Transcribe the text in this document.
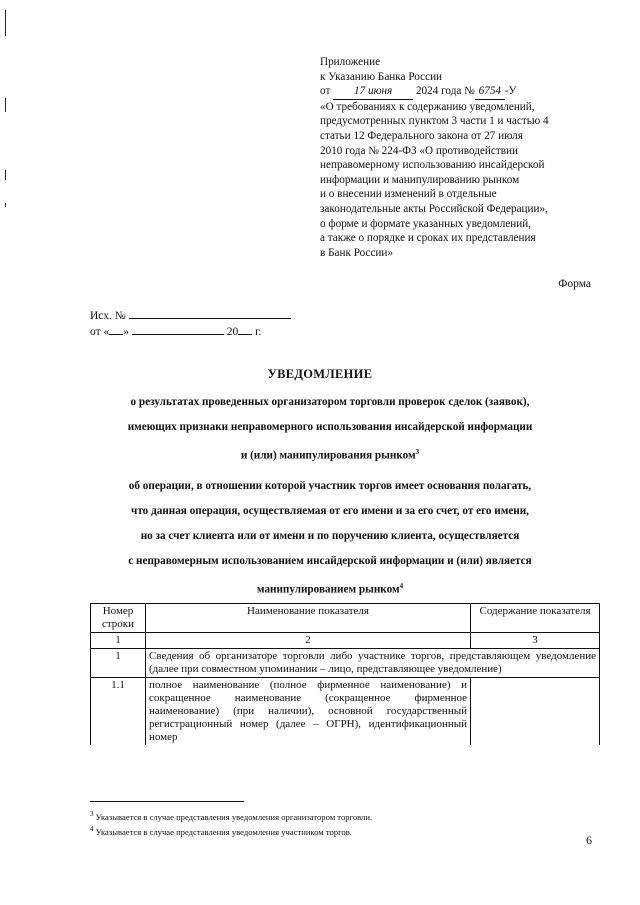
Приложение
к Указанию Банка России
от 17 июня 2024 года № 6754 -У
«О требованиях к содержанию уведомлений,
предусмотренных пунктом 3 части 1 и частью 4
статьи 12 Федерального закона от 27 июля
2010 года № 224-ФЗ «О противодействии
неправомерному использованию инсайдерской
информации и манипулированию рынком
и о внесении изменений в отдельные
законодательные акты Российской Федерации»,
о форме и формате указанных уведомлений,
а также о порядке и сроках их представления
в Банк России»
Форма
Исх. №
от « »	20 г.
УВЕДОМЛЕНИЕ
о результатах проведенных организатором торговли проверок сделок (заявок),
имеющих признаки неправомерного использования инсайдерской информации
и (или) манипулирования рынком$^3$
об операции, в отношении которой участник торгов имеет основания полагать,
что данная операция, осуществляемая от его имени и за его счет, от его имени,
но за счет клиента или от имени и по поручению клиента, осуществляется
с неправомерным использованием инсайдерской информации и (или) является
манипулированием рынком$^4$
Номер строки	Наименование показателя	Содержание показателя
1	2	3
1	Сведения об организаторе торговли либо участнике торгов, представляющем уведомление (далее при совместном упоминании – лицо, представляющее уведомление)	
1.1	полное наименование (полное фирменное наименование) и сокращенное наименование (сокращенное фирменное наименование) (при наличии), основной государственный регистрационный номер (далее – ОГРН), идентификационный номер	
$^3$ Указывается в случае представления уведомления организатором торговли.
$^4$ Указывается в случае представления уведомления участником торгов.
6
